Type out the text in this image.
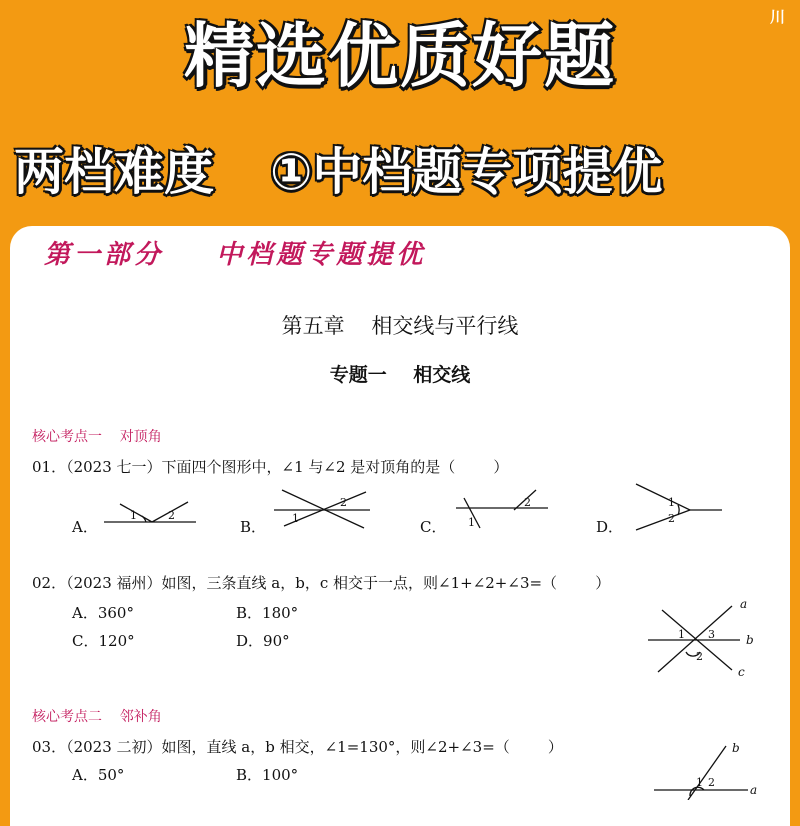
川
精选优质好题
两档难度 ①中档题专项提优
第一部分    中档题专题提优
第五章    相交线与平行线
专题一    相交线
核心考点一    对顶角
01．（2023 七一）下面四个图形中，∠1 与∠2 是对顶角的是（        ）
A．
1	2
B． 1
2
C． 1
2
D．
1
2
02．（2023 福州）如图，三条直线 a，b，c 相交于一点，则∠1+∠2+∠3=（        ）
A．360°	B．180°
C．120°	D．90°
a
b
c
1
2
3
核心考点二    邻补角
03．（2023 二初）如图，直线 a，b 相交，∠1=130°，则∠2+∠3=（        ）
A．50°	B．100°
b
a
1 2
